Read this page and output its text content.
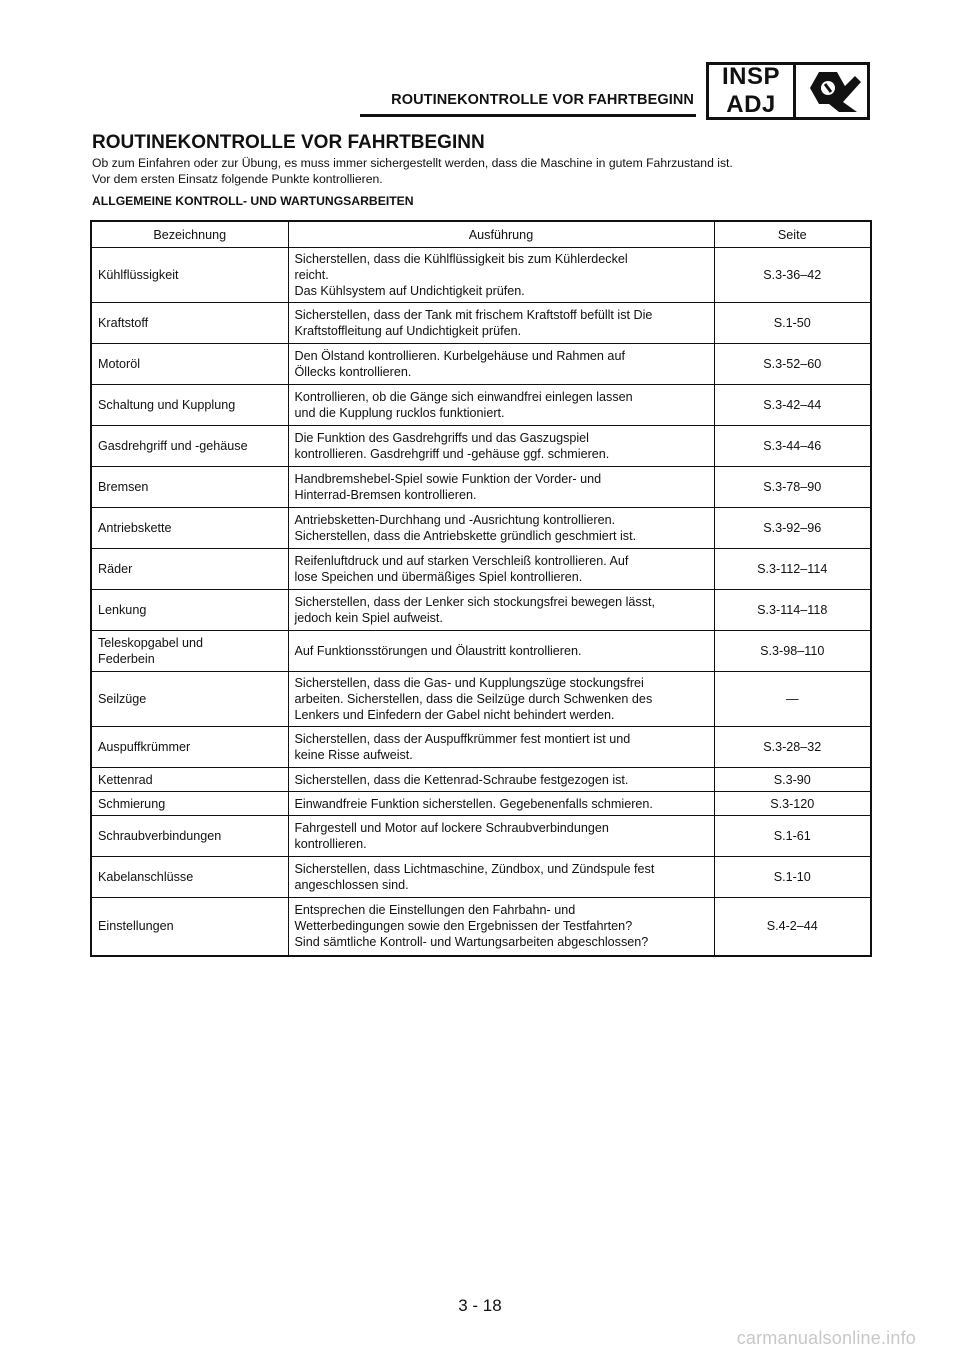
ROUTINEKONTROLLE VOR FAHRTBEGINN
INSP
ADJ
ROUTINEKONTROLLE VOR FAHRTBEGINN

Ob zum Einfahren oder zur Übung, es muss immer sichergestellt werden, dass die Maschine in gutem Fahrzustand ist.

Vor dem ersten Einsatz folgende Punkte kontrollieren.

ALLGEMEINE KONTROLL- UND WARTUNGSARBEITEN
Bezeichnung	Ausführung	Seite
Kühlflüssigkeit	Sicherstellen, dass die Kühlflüssigkeit bis zum Kühlerdeckel
reicht.
Das Kühlsystem auf Undichtigkeit prüfen.	S.3-36–42
Kraftstoff	Sicherstellen, dass der Tank mit frischem Kraftstoff befüllt ist Die
Kraftstoffleitung auf Undichtigkeit prüfen.	S.1-50
Motoröl	Den Ölstand kontrollieren. Kurbelgehäuse und Rahmen auf
Öllecks kontrollieren.	S.3-52–60
Schaltung und Kupplung	Kontrollieren, ob die Gänge sich einwandfrei einlegen lassen
und die Kupplung rucklos funktioniert.	S.3-42–44
Gasdrehgriff und -gehäuse	Die Funktion des Gasdrehgriffs und das Gaszugspiel
kontrollieren. Gasdrehgriff und -gehäuse ggf. schmieren.	S.3-44–46
Bremsen	Handbremshebel-Spiel sowie Funktion der Vorder- und
Hinterrad-Bremsen kontrollieren.	S.3-78–90
Antriebskette	Antriebsketten-Durchhang und -Ausrichtung kontrollieren.
Sicherstellen, dass die Antriebskette gründlich geschmiert ist.	S.3-92–96
Räder	Reifenluftdruck und auf starken Verschleiß kontrollieren. Auf
lose Speichen und übermäßiges Spiel kontrollieren.	S.3-112–114
Lenkung	Sicherstellen, dass der Lenker sich stockungsfrei bewegen lässt,
jedoch kein Spiel aufweist.	S.3-114–118
Teleskopgabel und
Federbein	Auf Funktionsstörungen und Ölaustritt kontrollieren.	S.3-98–110
Seilzüge	Sicherstellen, dass die Gas- und Kupplungszüge stockungsfrei
arbeiten. Sicherstellen, dass die Seilzüge durch Schwenken des
Lenkers und Einfedern der Gabel nicht behindert werden.	—
Auspuffkrümmer	Sicherstellen, dass der Auspuffkrümmer fest montiert ist und
keine Risse aufweist.	S.3-28–32
Kettenrad	Sicherstellen, dass die Kettenrad-Schraube festgezogen ist.	S.3-90
Schmierung	Einwandfreie Funktion sicherstellen. Gegebenenfalls schmieren.	S.3-120
Schraubverbindungen	Fahrgestell und Motor auf lockere Schraubverbindungen
kontrollieren.	S.1-61
Kabelanschlüsse	Sicherstellen, dass Lichtmaschine, Zündbox, und Zündspule fest
angeschlossen sind.	S.1-10
Einstellungen	Entsprechen die Einstellungen den Fahrbahn- und
Wetterbedingungen sowie den Ergebnissen der Testfahrten?
Sind sämtliche Kontroll- und Wartungsarbeiten abgeschlossen?	S.4-2–44
3 - 18
carmanualsonline.info
